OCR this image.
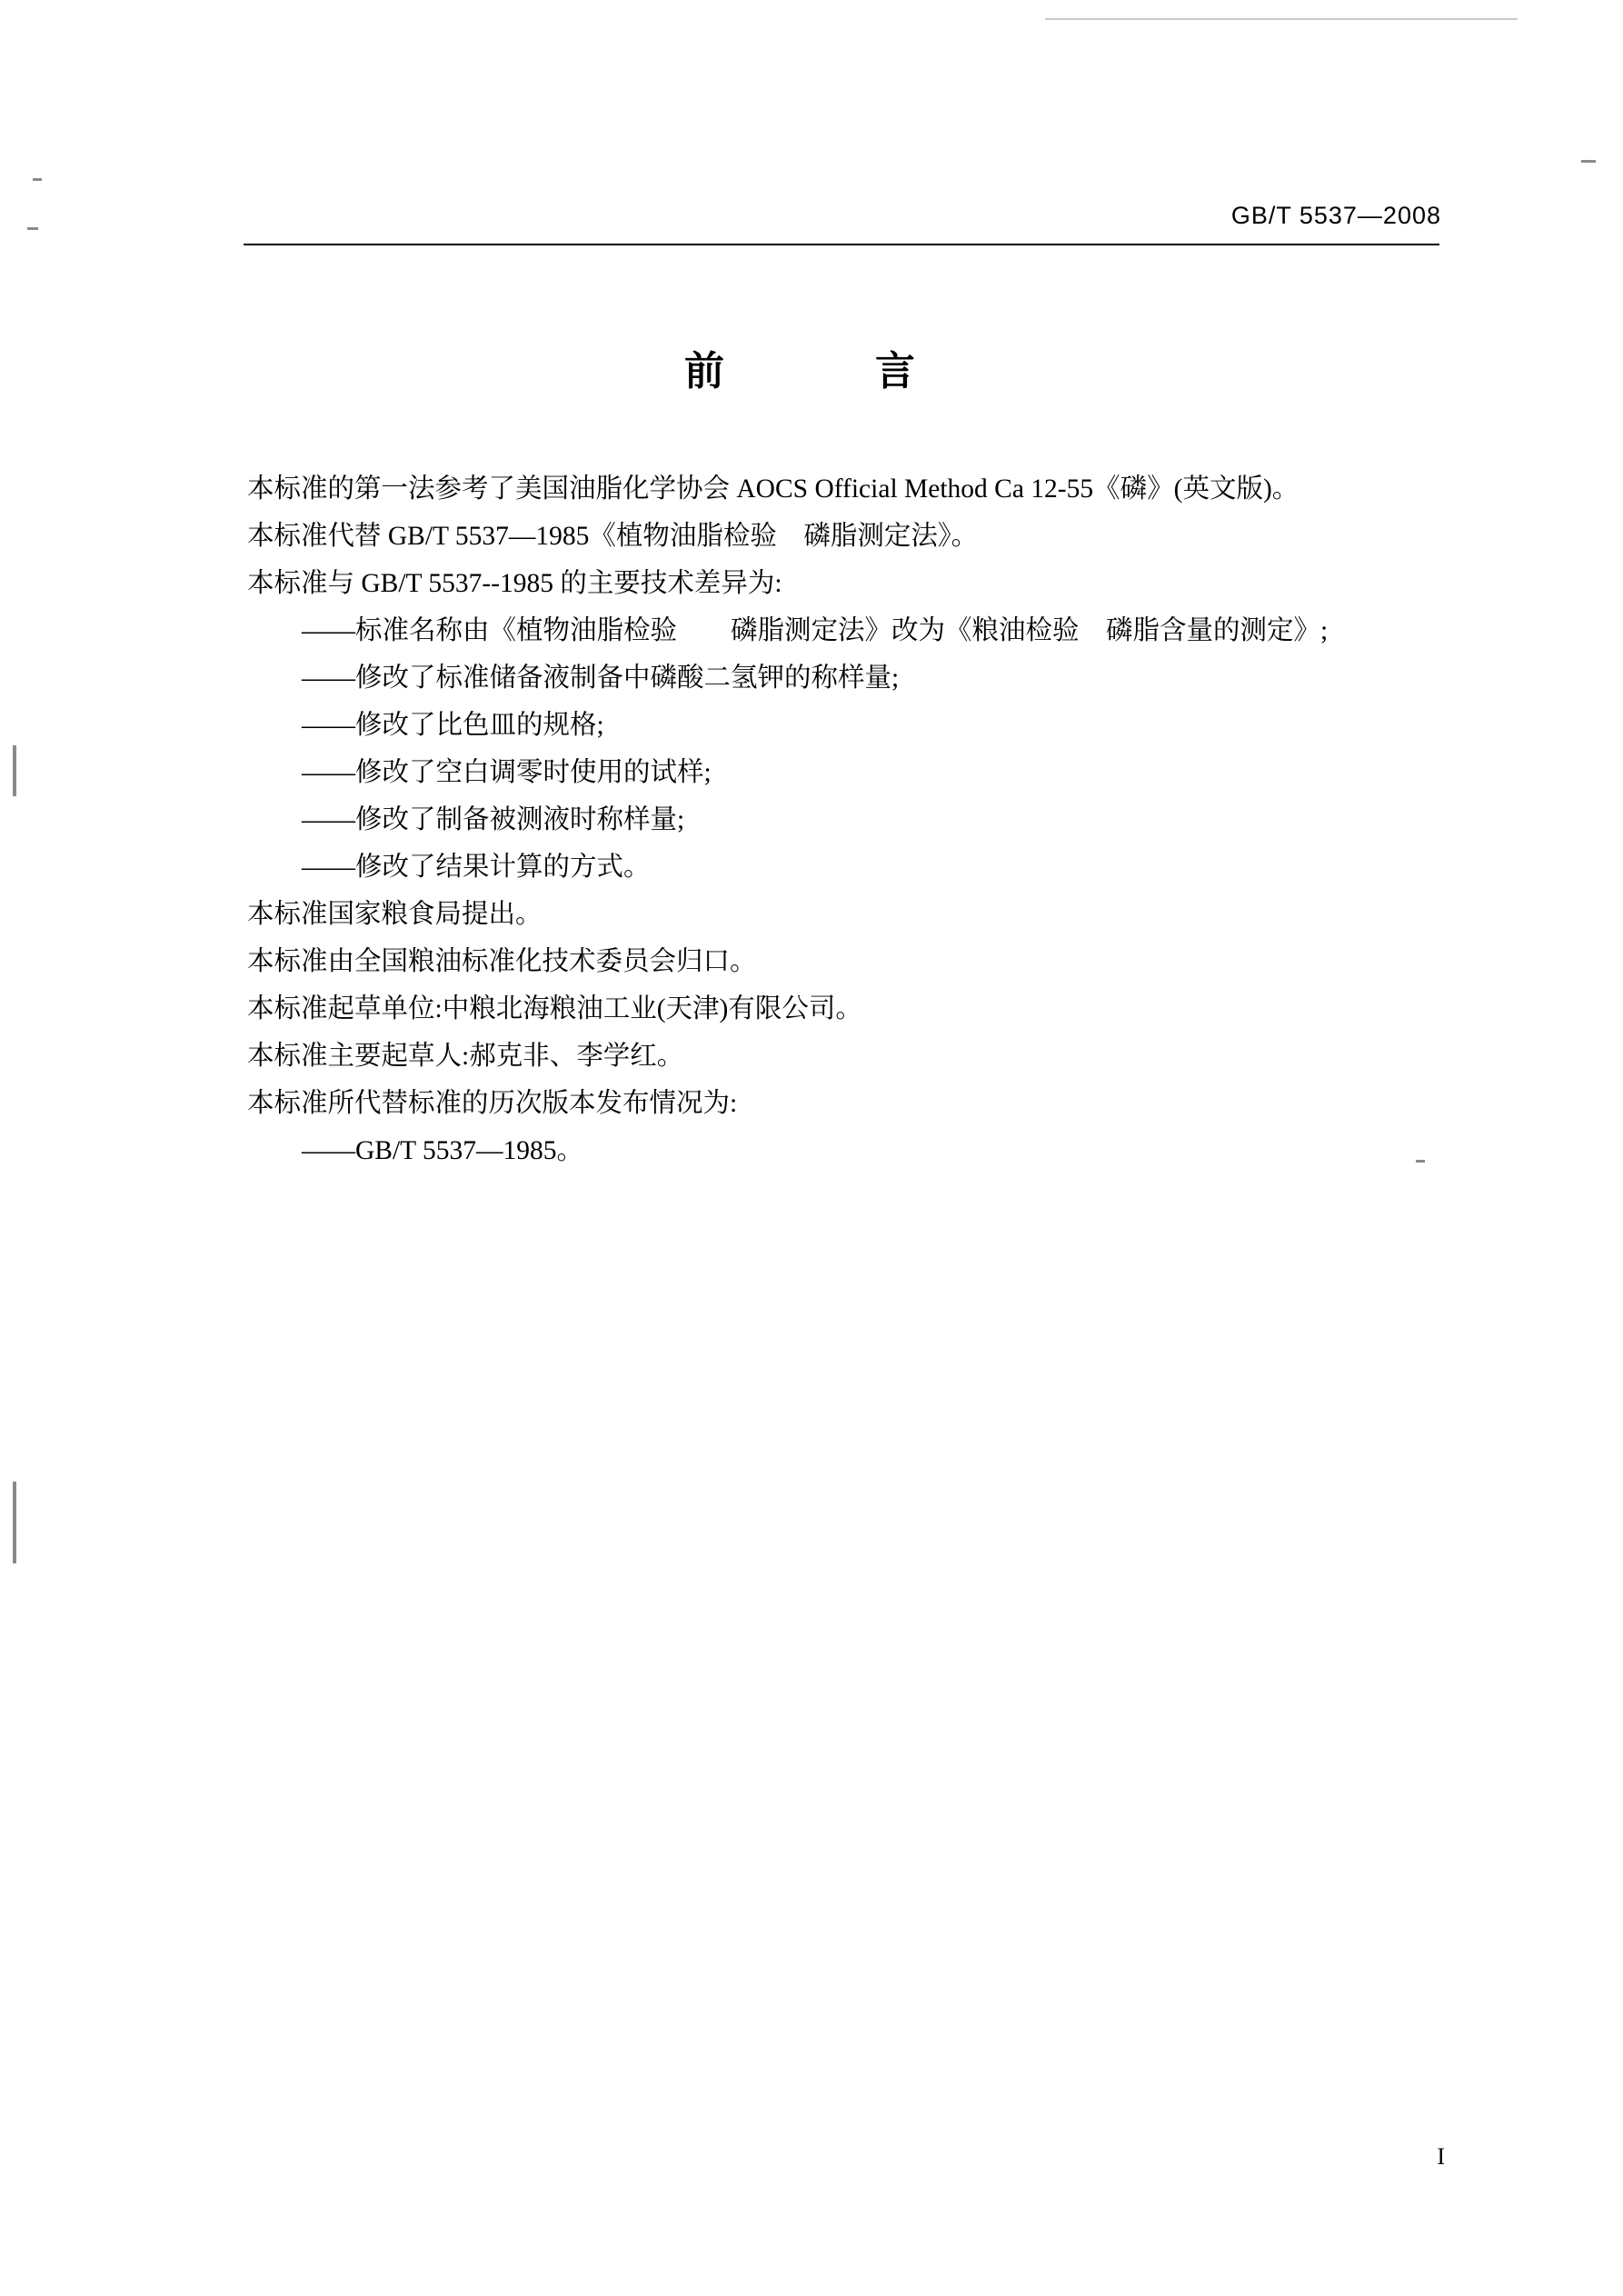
GB/T 5537—2008
前　　言
本标准的第一法参考了美国油脂化学协会 AOCS Official Method Ca 12-55《磷》(英文版)。
本标准代替 GB/T 5537—1985《植物油脂检验　磷脂测定法》。
本标准与 GB/T 5537--1985 的主要技术差异为:
——标准名称由《植物油脂检验　　磷脂测定法》改为《粮油检验　磷脂含量的测定》;
——修改了标准储备液制备中磷酸二氢钾的称样量;
——修改了比色皿的规格;
——修改了空白调零时使用的试样;
——修改了制备被测液时称样量;
——修改了结果计算的方式。
本标准国家粮食局提出。
本标准由全国粮油标准化技术委员会归口。
本标准起草单位:中粮北海粮油工业(天津)有限公司。
本标准主要起草人:郝克非、李学红。
本标准所代替标准的历次版本发布情况为:
——GB/T 5537—1985。
I
